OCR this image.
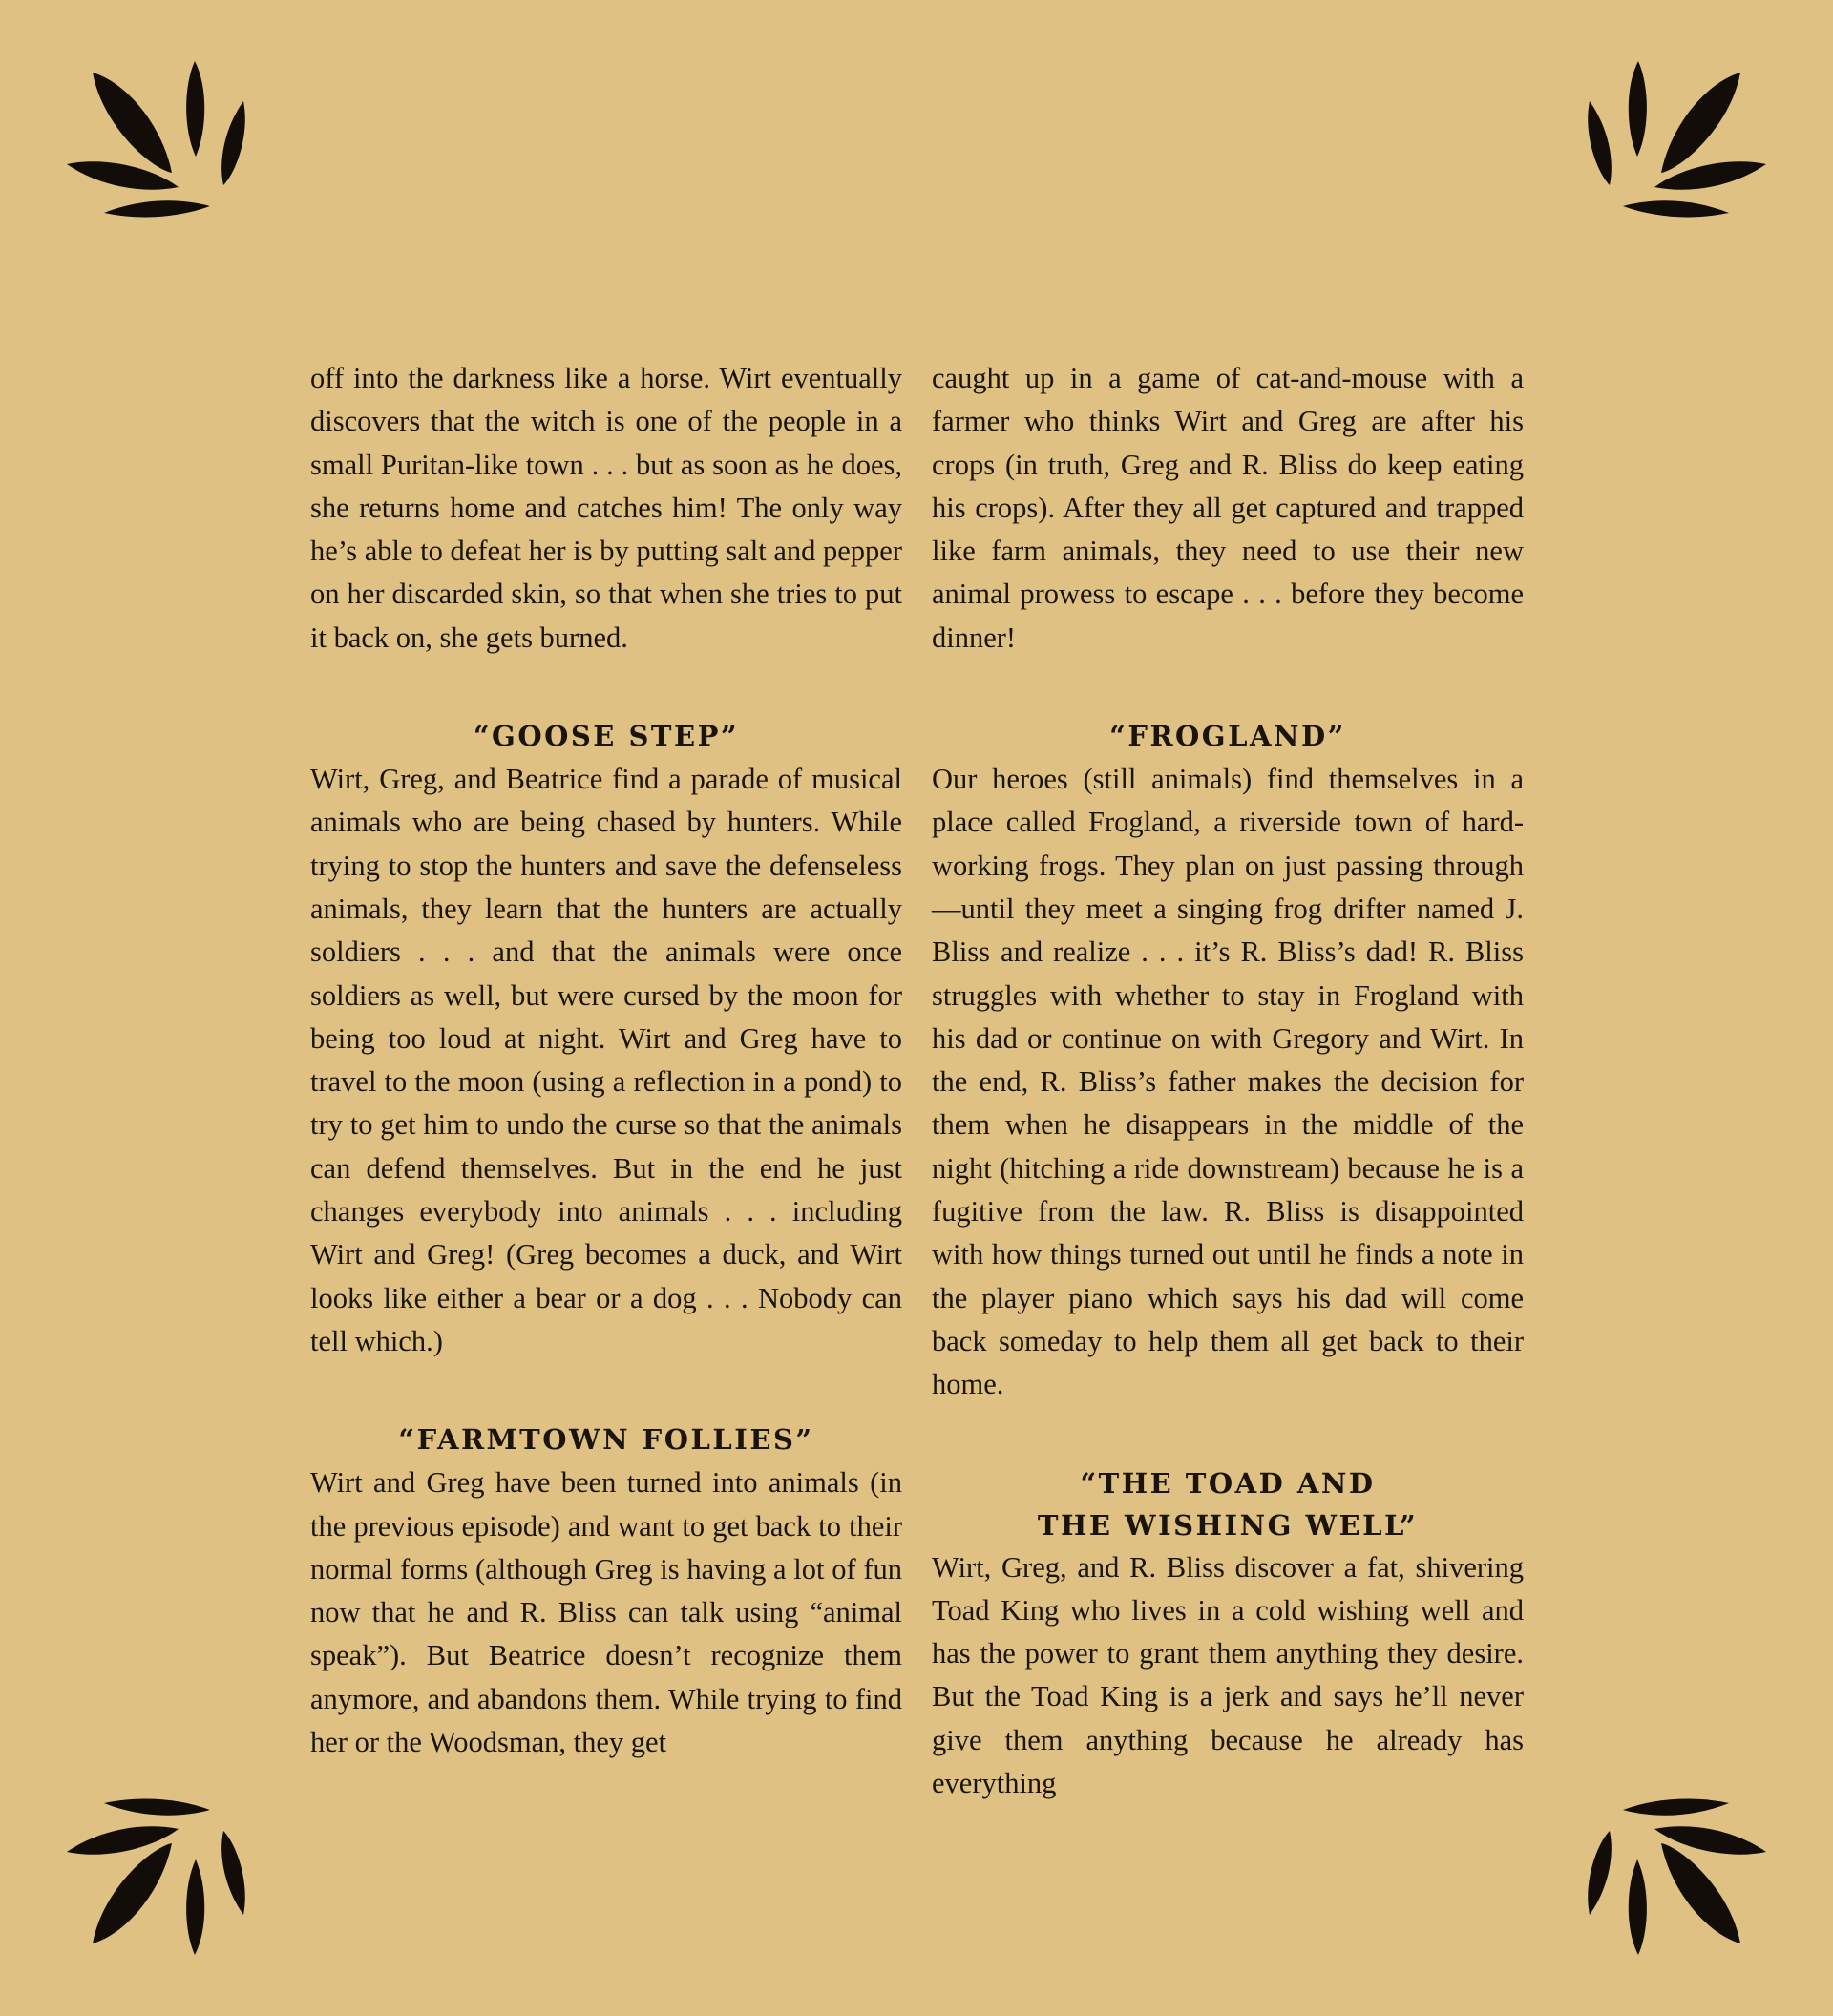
off into the darkness like a horse. Wirt eventually discovers that the witch is one of the people in a small Puritan-like town . . . but as soon as he does, she returns home and catches him! The only way he’s able to defeat her is by putting salt and pepper on her discarded skin, so that when she tries to put it back on, she gets burned.

“GOOSE STEP”

Wirt, Greg, and Beatrice find a parade of musical animals who are being chased by hunters. While trying to stop the hunters and save the defenseless animals, they learn that the hunters are actually soldiers . . . and that the animals were once soldiers as well, but were cursed by the moon for being too loud at night. Wirt and Greg have to travel to the moon (using a reflection in a pond) to try to get him to undo the curse so that the animals can defend themselves. But in the end he just changes everybody into animals . . . including Wirt and Greg! (Greg becomes a duck, and Wirt looks like either a bear or a dog . . . Nobody can tell which.)

“FARMTOWN FOLLIES”

Wirt and Greg have been turned into animals (in the previous episode) and want to get back to their normal forms (although Greg is having a lot of fun now that he and R. Bliss can talk using “animal speak”). But Beatrice doesn’t recognize them anymore, and abandons them. While trying to find her or the Woodsman, they get

caught up in a game of cat-and-mouse with a farmer who thinks Wirt and Greg are after his crops (in truth, Greg and R. Bliss do keep eating his crops). After they all get captured and trapped like farm animals, they need to use their new animal prowess to escape . . . before they become dinner!

“FROGLAND”

Our heroes (still animals) find themselves in a place called Frogland, a riverside town of hard-working frogs. They plan on just passing through—until they meet a singing frog drifter named J. Bliss and realize . . . it’s R. Bliss’s dad! R. Bliss struggles with whether to stay in Frogland with his dad or continue on with Gregory and Wirt. In the end, R. Bliss’s father makes the decision for them when he disappears in the middle of the night (hitching a ride downstream) because he is a fugitive from the law. R. Bliss is disappointed with how things turned out until he finds a note in the player piano which says his dad will come back someday to help them all get back to their home.

“THE TOAD AND
THE WISHING WELL”

Wirt, Greg, and R. Bliss discover a fat, shivering Toad King who lives in a cold wishing well and has the power to grant them anything they desire. But the Toad King is a jerk and says he’ll never give them anything because he already has everything
